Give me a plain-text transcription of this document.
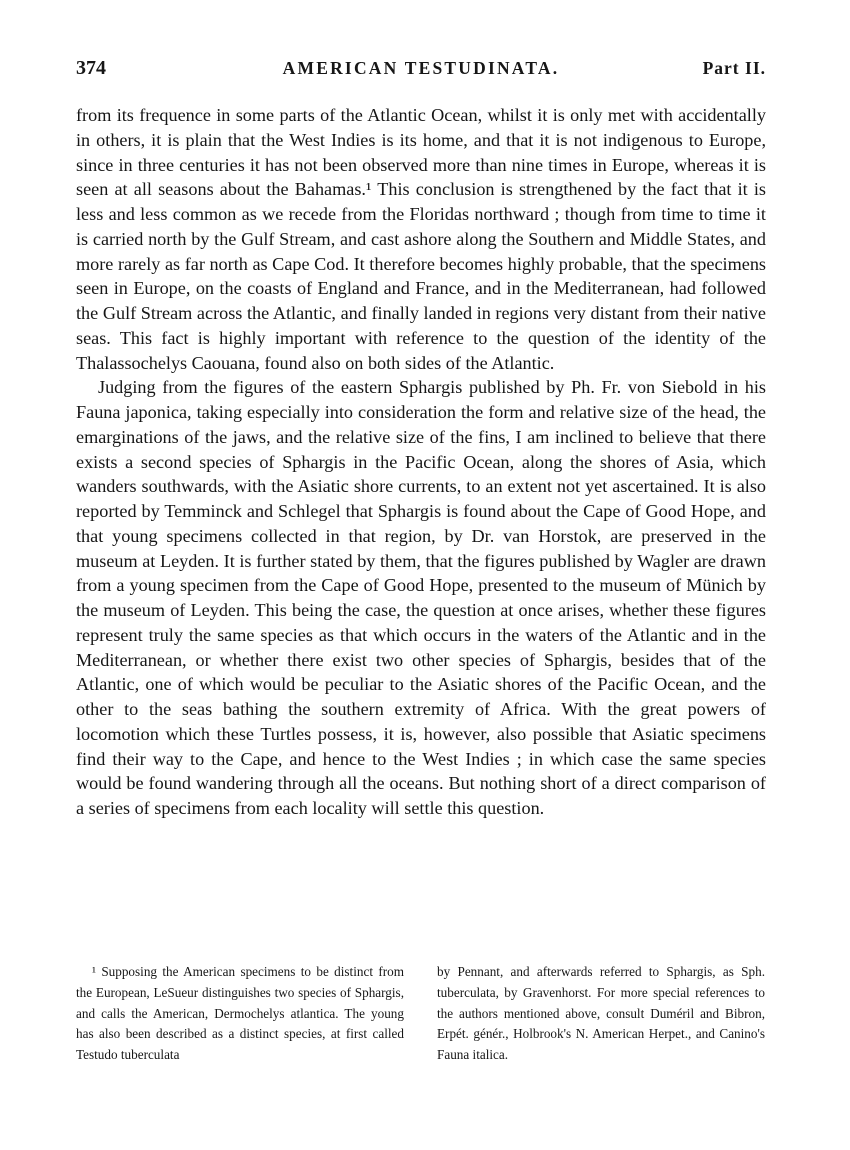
374	AMERICAN TESTUDINATA.	Part II.

from its frequence in some parts of the Atlantic Ocean, whilst it is only met with accidentally in others, it is plain that the West Indies is its home, and that it is not indigenous to Europe, since in three centuries it has not been observed more than nine times in Europe, whereas it is seen at all seasons about the Bahamas.¹ This conclusion is strengthened by the fact that it is less and less common as we recede from the Floridas northward ; though from time to time it is carried north by the Gulf Stream, and cast ashore along the Southern and Middle States, and more rarely as far north as Cape Cod. It therefore becomes highly probable, that the specimens seen in Europe, on the coasts of England and France, and in the Mediterranean, had followed the Gulf Stream across the Atlantic, and finally landed in regions very distant from their native seas. This fact is highly important with reference to the question of the identity of the Thalassochelys Caouana, found also on both sides of the Atlantic.

Judging from the figures of the eastern Sphargis published by Ph. Fr. von Siebold in his Fauna japonica, taking especially into consideration the form and relative size of the head, the emarginations of the jaws, and the relative size of the fins, I am inclined to believe that there exists a second species of Sphargis in the Pacific Ocean, along the shores of Asia, which wanders southwards, with the Asiatic shore currents, to an extent not yet ascertained. It is also reported by Temminck and Schlegel that Sphargis is found about the Cape of Good Hope, and that young specimens collected in that region, by Dr. van Horstok, are preserved in the museum at Leyden. It is further stated by them, that the figures published by Wagler are drawn from a young specimen from the Cape of Good Hope, presented to the museum of Münich by the museum of Leyden. This being the case, the question at once arises, whether these figures represent truly the same species as that which occurs in the waters of the Atlantic and in the Mediterranean, or whether there exist two other species of Sphargis, besides that of the Atlantic, one of which would be peculiar to the Asiatic shores of the Pacific Ocean, and the other to the seas bathing the southern extremity of Africa. With the great powers of locomotion which these Turtles possess, it is, however, also possible that Asiatic specimens find their way to the Cape, and hence to the West Indies ; in which case the same species would be found wandering through all the oceans. But nothing short of a direct comparison of a series of specimens from each locality will settle this question.

¹ Supposing the American specimens to be distinct from the European, LeSueur distinguishes two species of Sphargis, and calls the American, Dermochelys atlantica. The young has also been described as a distinct species, at first called Testudo tuberculata

by Pennant, and afterwards referred to Sphargis, as Sph. tuberculata, by Gravenhorst. For more special references to the authors mentioned above, consult Duméril and Bibron, Erpét. génér., Holbrook's N. American Herpet., and Canino's Fauna italica.
